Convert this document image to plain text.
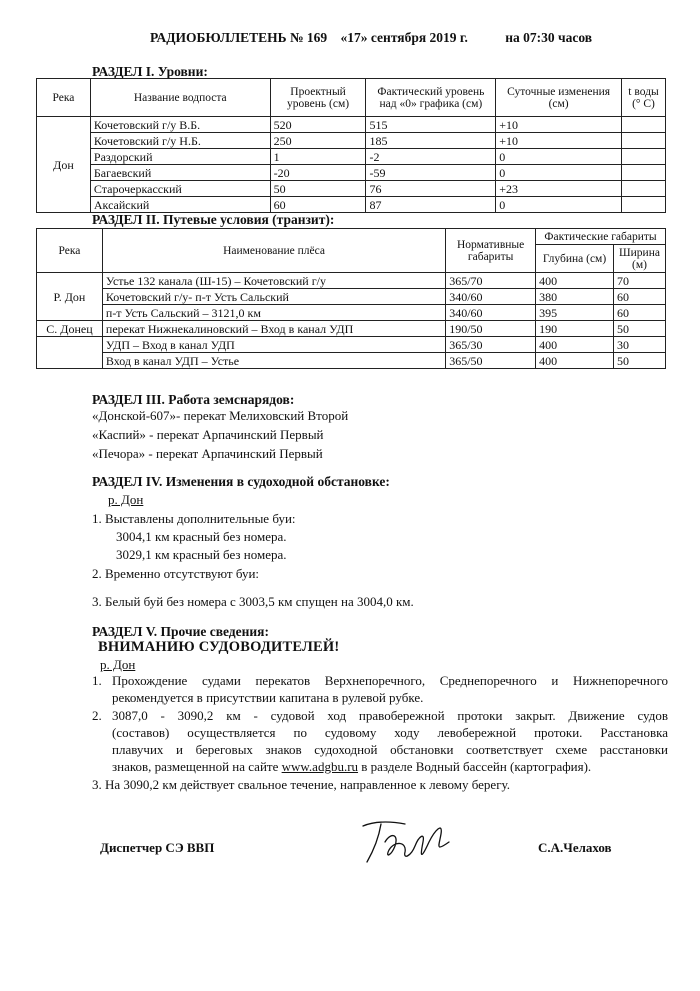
РАДИОБЮЛЛЕТЕНЬ № 169 «17» сентября 2019 г.	на 07:30 часов
РАЗДЕЛ I. Уровни:
Река	Название водпоста	Проектный уровень (см)	Фактический уровень над «0» графика (см)	Суточные изменения (см)	t воды (° C)
Дон	Кочетовский г/у В.Б.	520	515	+10	
	Кочетовский г/у Н.Б.	250	185	+10	
	Раздорский	1	-2	0	
	Багаевский	-20	-59	0	
	Старочеркасский	50	76	+23	
	Аксайский	60	87	0	
РАЗДЕЛ II. Путевые условия (транзит):
Река	Наименование плёса	Нормативные габариты	Фактические габариты	
			Глубина (см)	Ширина (м)
Р. Дон	Устье 132 канала (Ш-15) – Кочетовский г/у	365/70	400	70
	Кочетовский г/у- п-т Усть Сальский	340/60	380	60
	п-т Усть Сальский – 3121,0 км	340/60	395	60
С. Донец	перекат Нижнекалиновский – Вход в канал УДП	190/50	190	50
	УДП – Вход в канал УДП	365/30	400	30
	Вход в канал УДП – Устье	365/50	400	50
РАЗДЕЛ III. Работа земснарядов:
«Донской-607»- перекат Мелиховский Второй
«Каспий» - перекат Арпачинский Первый
«Печора» - перекат Арпачинский Первый
РАЗДЕЛ IV. Изменения в судоходной обстановке:
р. Дон
1. Выставлены дополнительные буи:
3004,1 км красный без номера.
3029,1 км красный без номера.
2. Временно отсутствуют буи:
3. Белый буй без номера с 3003,5 км спущен на 3004,0 км.
РАЗДЕЛ V. Прочие сведения:
ВНИМАНИЮ СУДОВОДИТЕЛЕЙ!
р. Дон
1. Прохождение судами перекатов Верхнепоречного, Среднепоречного и Нижнепоречного
рекомендуется в присутствии капитана в рулевой рубке.
2. 3087,0 - 3090,2 км - судовой ход правобережной протоки закрыт. Движение судов
(составов) осуществляется по судовому ходу левобережной протоки. Расстановка
плавучих и береговых знаков судоходной обстановки соответствует схеме расстановки
знаков, размещенной на сайте www.adgbu.ru в разделе Водный бассейн (картография).
3. На 3090,2 км действует свальное течение, направленное к левому берегу.
Диспетчер СЭ ВВП	С.А.Челахов
